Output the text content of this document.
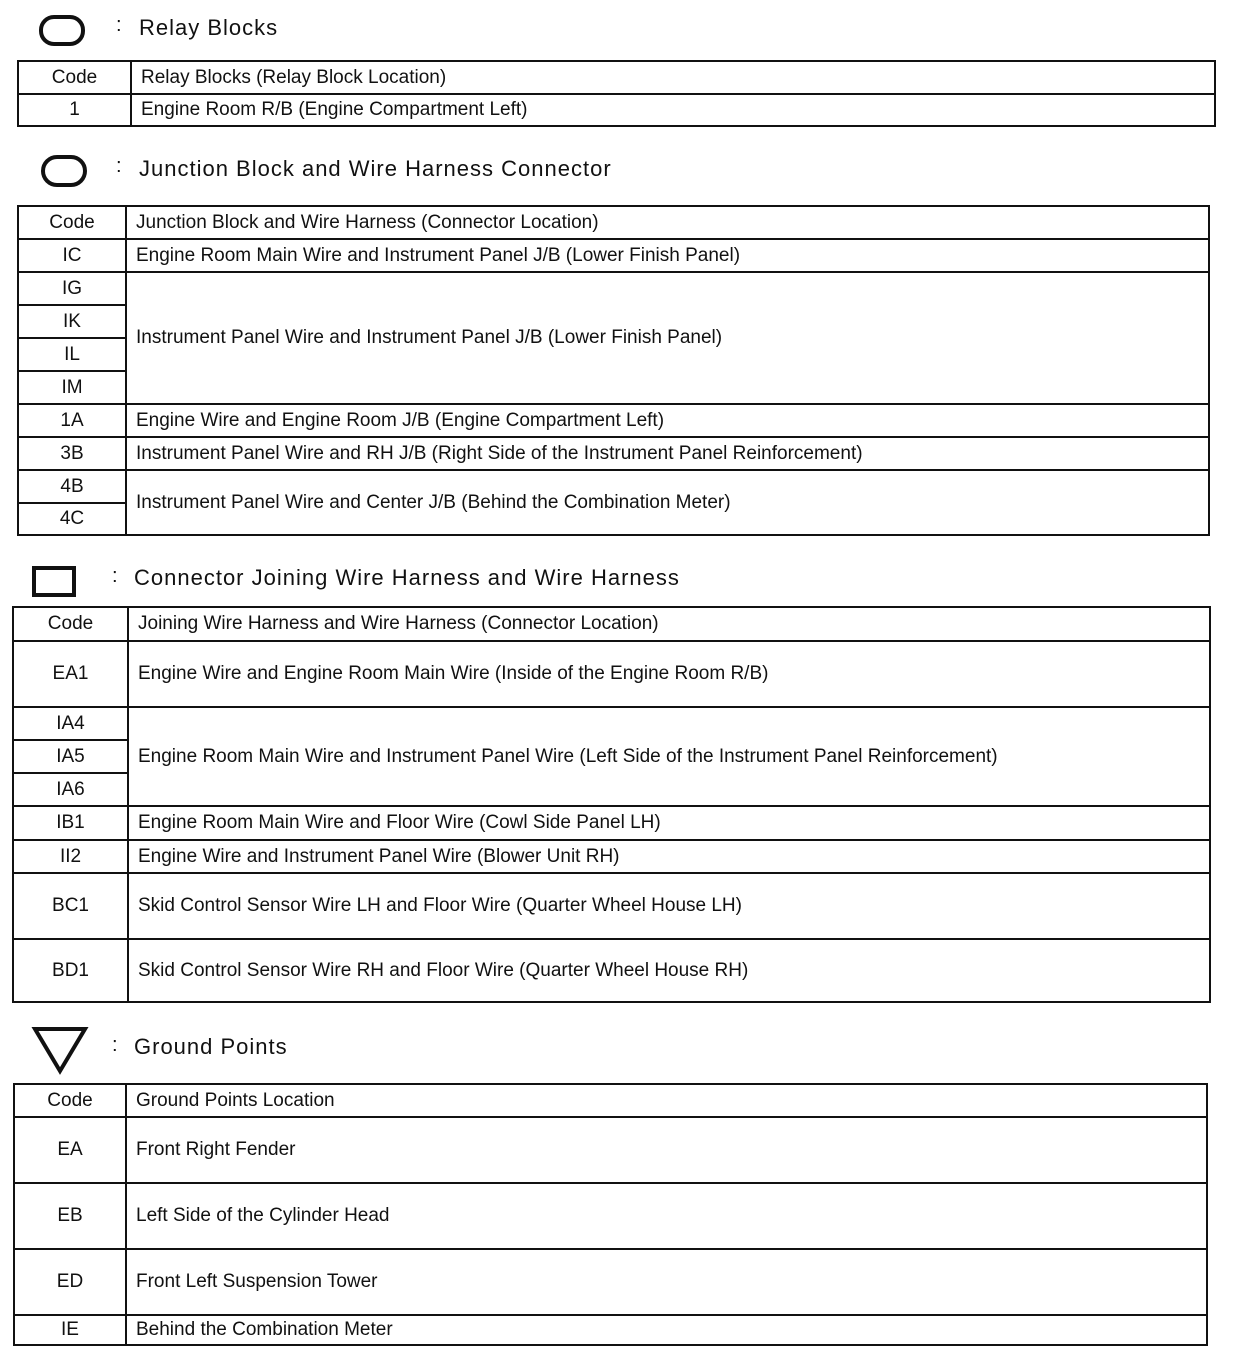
: Relay Blocks
Code	Relay Blocks (Relay Block Location)
1	Engine Room R/B (Engine Compartment Left)
: Junction Block and Wire Harness Connector
Code	Junction Block and Wire Harness (Connector Location)
IC	Engine Room Main Wire and Instrument Panel J/B (Lower Finish Panel)
IG	Instrument Panel Wire and Instrument Panel J/B (Lower Finish Panel)
IK	
IL	
IM	
1A	Engine Wire and Engine Room J/B (Engine Compartment Left)
3B	Instrument Panel Wire and RH J/B (Right Side of the Instrument Panel Reinforcement)
4B	Instrument Panel Wire and Center J/B (Behind the Combination Meter)
4C	
: Connector Joining Wire Harness and Wire Harness
Code	Joining Wire Harness and Wire Harness (Connector Location)
EA1	Engine Wire and Engine Room Main Wire (Inside of the Engine Room R/B)
IA4	Engine Room Main Wire and Instrument Panel Wire (Left Side of the Instrument Panel Reinforcement)
IA5	
IA6	
IB1	Engine Room Main Wire and Floor Wire (Cowl Side Panel LH)
II2	Engine Wire and Instrument Panel Wire (Blower Unit RH)
BC1	Skid Control Sensor Wire LH and Floor Wire (Quarter Wheel House LH)
BD1	Skid Control Sensor Wire RH and Floor Wire (Quarter Wheel House RH)
: Ground Points
Code	Ground Points Location
EA	Front Right Fender
EB	Left Side of the Cylinder Head
ED	Front Left Suspension Tower
IE	Behind the Combination Meter
